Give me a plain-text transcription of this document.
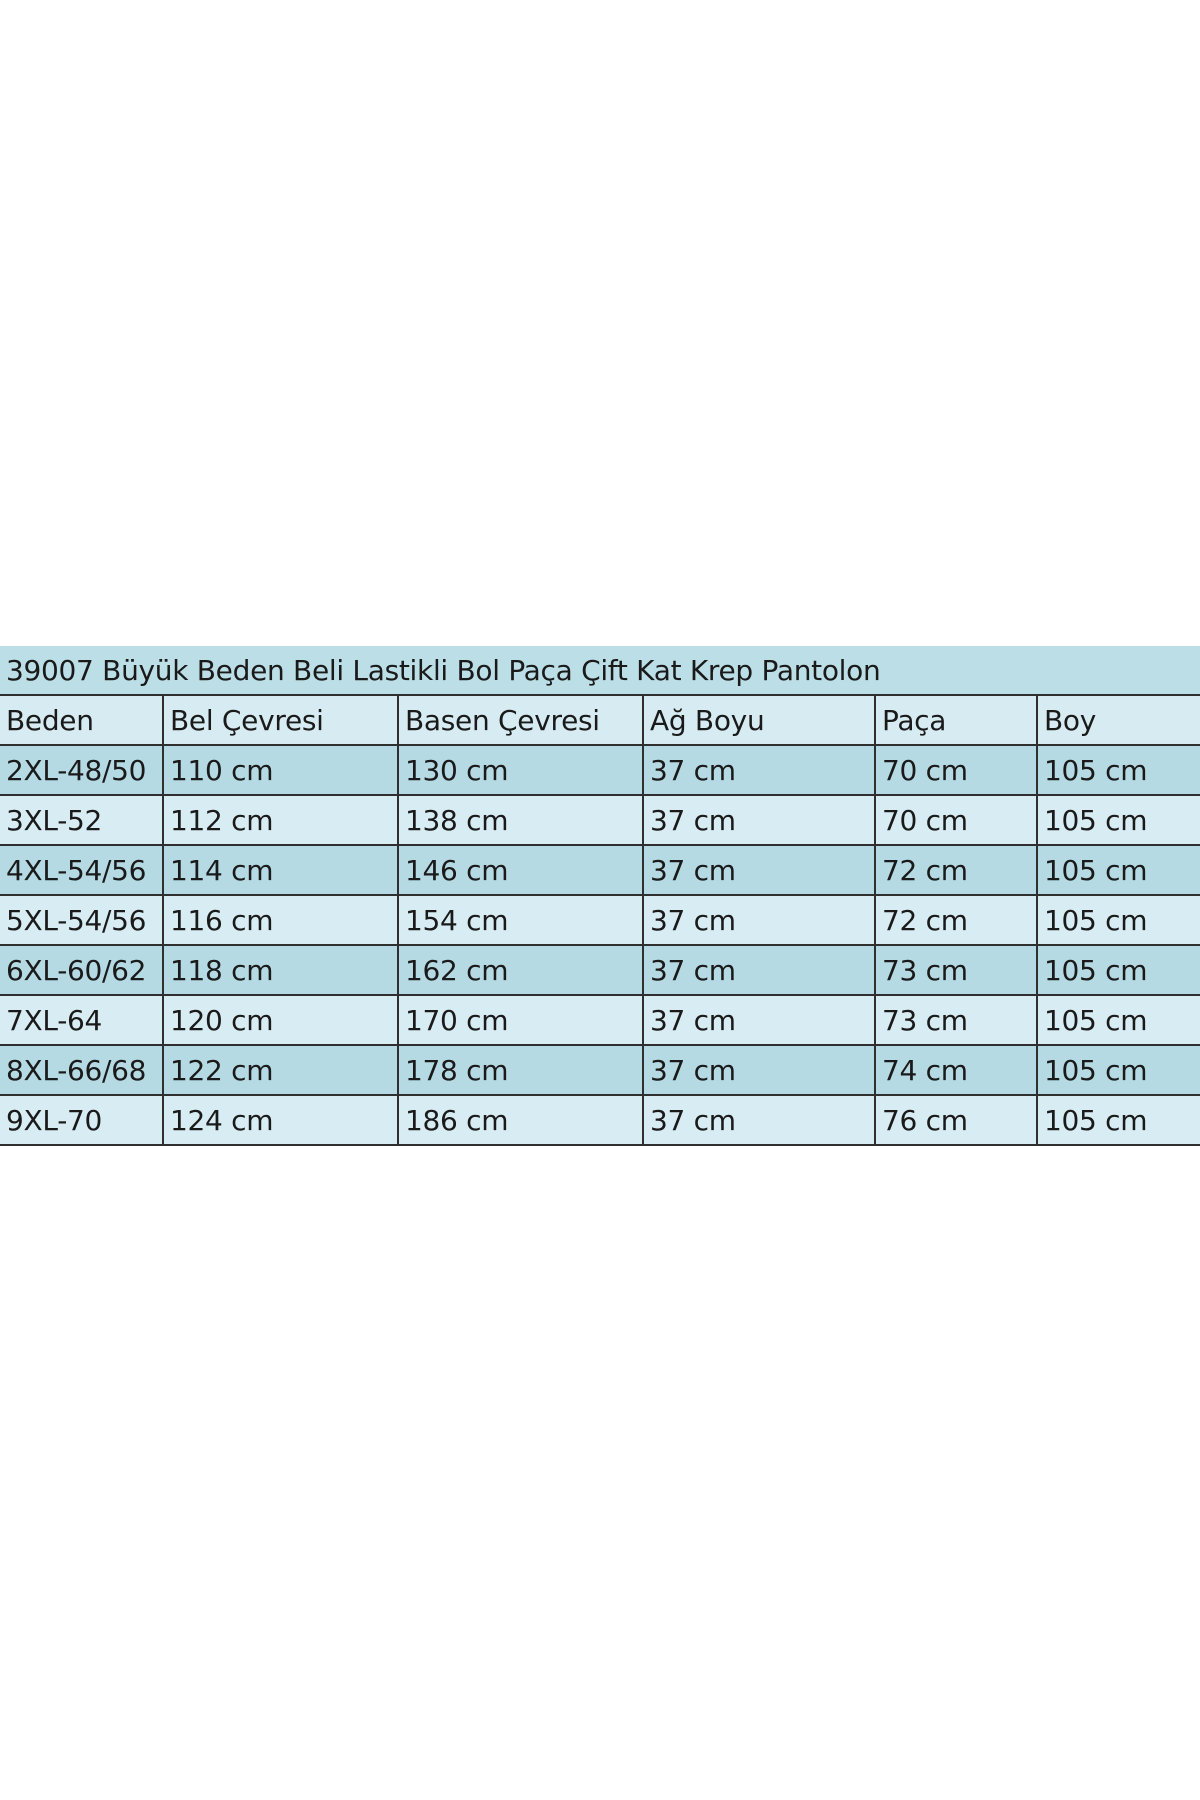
39007 Büyük Beden Beli Lastikli Bol Paça Çift Kat Krep Pantolon					
Beden	Bel Çevresi	Basen Çevresi	Ağ Boyu	Paça	Boy
2XL-48/50	110 cm	130 cm	37 cm	70 cm	105 cm
3XL-52	112 cm	138 cm	37 cm	70 cm	105 cm
4XL-54/56	114 cm	146 cm	37 cm	72 cm	105 cm
5XL-54/56	116 cm	154 cm	37 cm	72 cm	105 cm
6XL-60/62	118 cm	162 cm	37 cm	73 cm	105 cm
7XL-64	120 cm	170 cm	37 cm	73 cm	105 cm
8XL-66/68	122 cm	178 cm	37 cm	74 cm	105 cm
9XL-70	124 cm	186 cm	37 cm	76 cm	105 cm
